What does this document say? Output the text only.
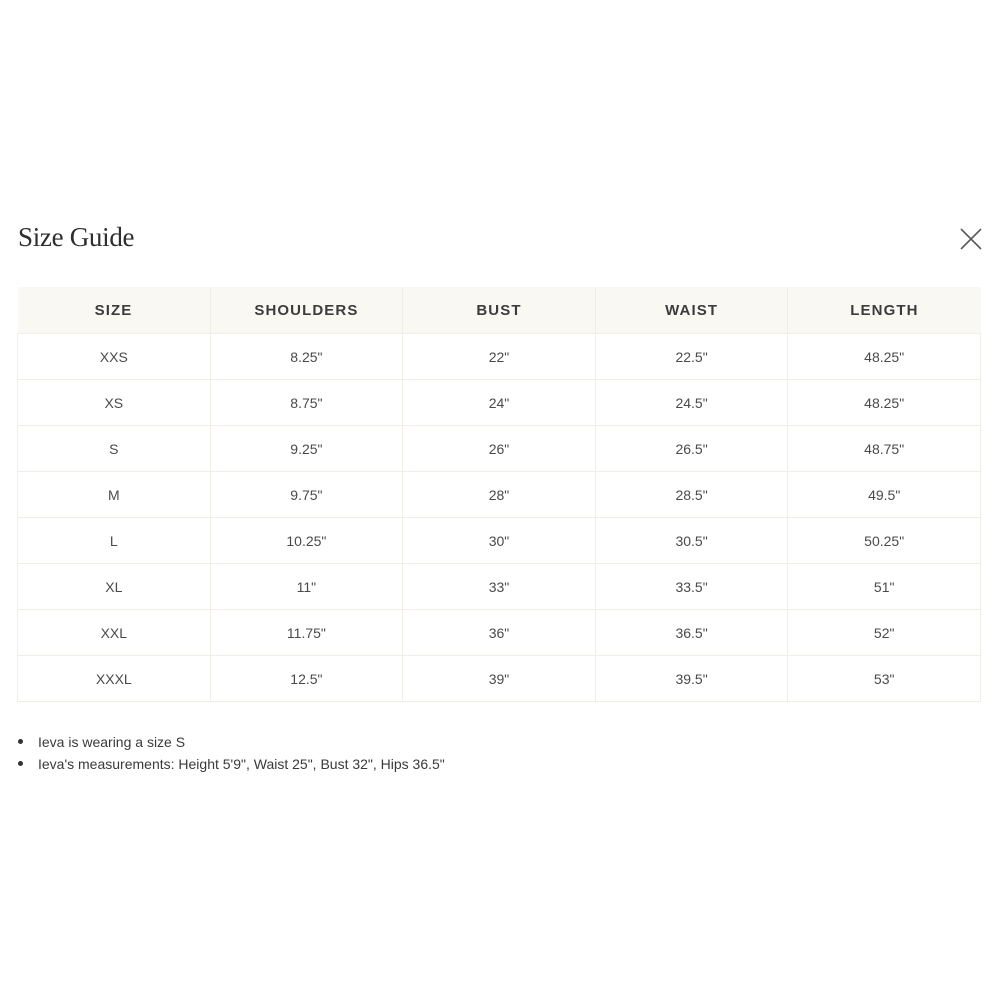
Size Guide
SIZE	SHOULDERS	BUST	WAIST	LENGTH
XXS	8.25"	22"	22.5"	48.25"
XS	8.75"	24"	24.5"	48.25"
S	9.25"	26"	26.5"	48.75"
M	9.75"	28"	28.5"	49.5"
L	10.25"	30"	30.5"	50.25"
XL	11"	33"	33.5"	51"
XXL	11.75"	36"	36.5"	52"
XXXL	12.5"	39"	39.5"	53"
Ieva is wearing a size S
Ieva's measurements: Height 5'9", Waist 25", Bust 32", Hips 36.5"
